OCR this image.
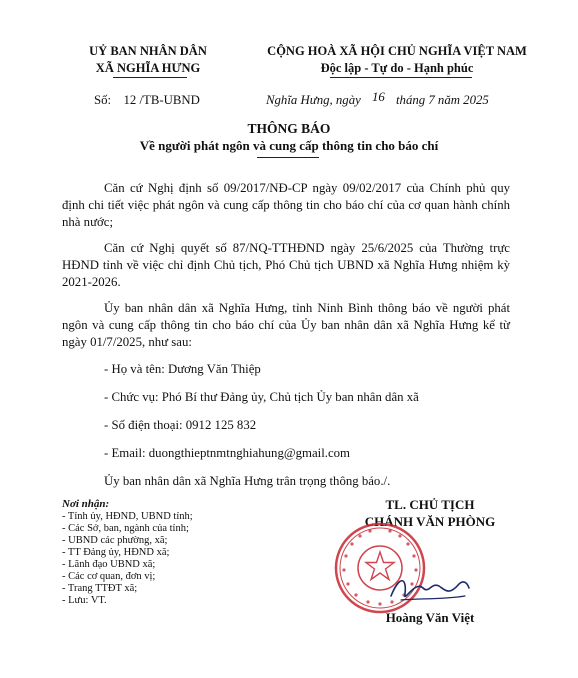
UỶ BAN NHÂN DÂN
XÃ NGHĨA HƯNG
CỘNG HOÀ XÃ HỘI CHỦ NGHĨA VIỆT NAM
Độc lập - Tự do - Hạnh phúc
Số: 12 /TB-UBND	Nghĩa Hưng, ngày 16 tháng 7 năm 2025
THÔNG BÁO
Về người phát ngôn và cung cấp thông tin cho báo chí
Căn cứ Nghị định số 09/2017/NĐ-CP ngày 09/02/2017 của Chính phủ quy định chi tiết việc phát ngôn và cung cấp thông tin cho báo chí của cơ quan hành chính nhà nước;
Căn cứ Nghị quyết số 87/NQ-TTHĐND ngày 25/6/2025 của Thường trực HĐND tỉnh về việc chỉ định Chủ tịch, Phó Chủ tịch UBND xã Nghĩa Hưng nhiệm kỳ 2021-2026.
Ủy ban nhân dân xã Nghĩa Hưng, tỉnh Ninh Bình thông báo về người phát ngôn và cung cấp thông tin cho báo chí của Ủy ban nhân dân xã Nghĩa Hưng kể từ ngày 01/7/2025, như sau:
- Họ và tên: Dương Văn Thiệp
- Chức vụ: Phó Bí thư Đảng ủy, Chủ tịch Ủy ban nhân dân xã
- Số điện thoại: 0912 125 832
- Email: duongthieptnmtnghiahung@gmail.com
Ủy ban nhân dân xã Nghĩa Hưng trân trọng thông báo./.
Nơi nhận:
- Tỉnh ủy, HĐND, UBND tỉnh;
- Các Sở, ban, ngành của tỉnh;
- UBND các phường, xã;
- TT Đảng ủy, HĐND xã;
- Lãnh đạo UBND xã;
- Các cơ quan, đơn vị;
- Trang TTĐT xã;
- Lưu: VT.
TL. CHỦ TỊCH
CHÁNH VĂN PHÒNG
Hoàng Văn Việt
